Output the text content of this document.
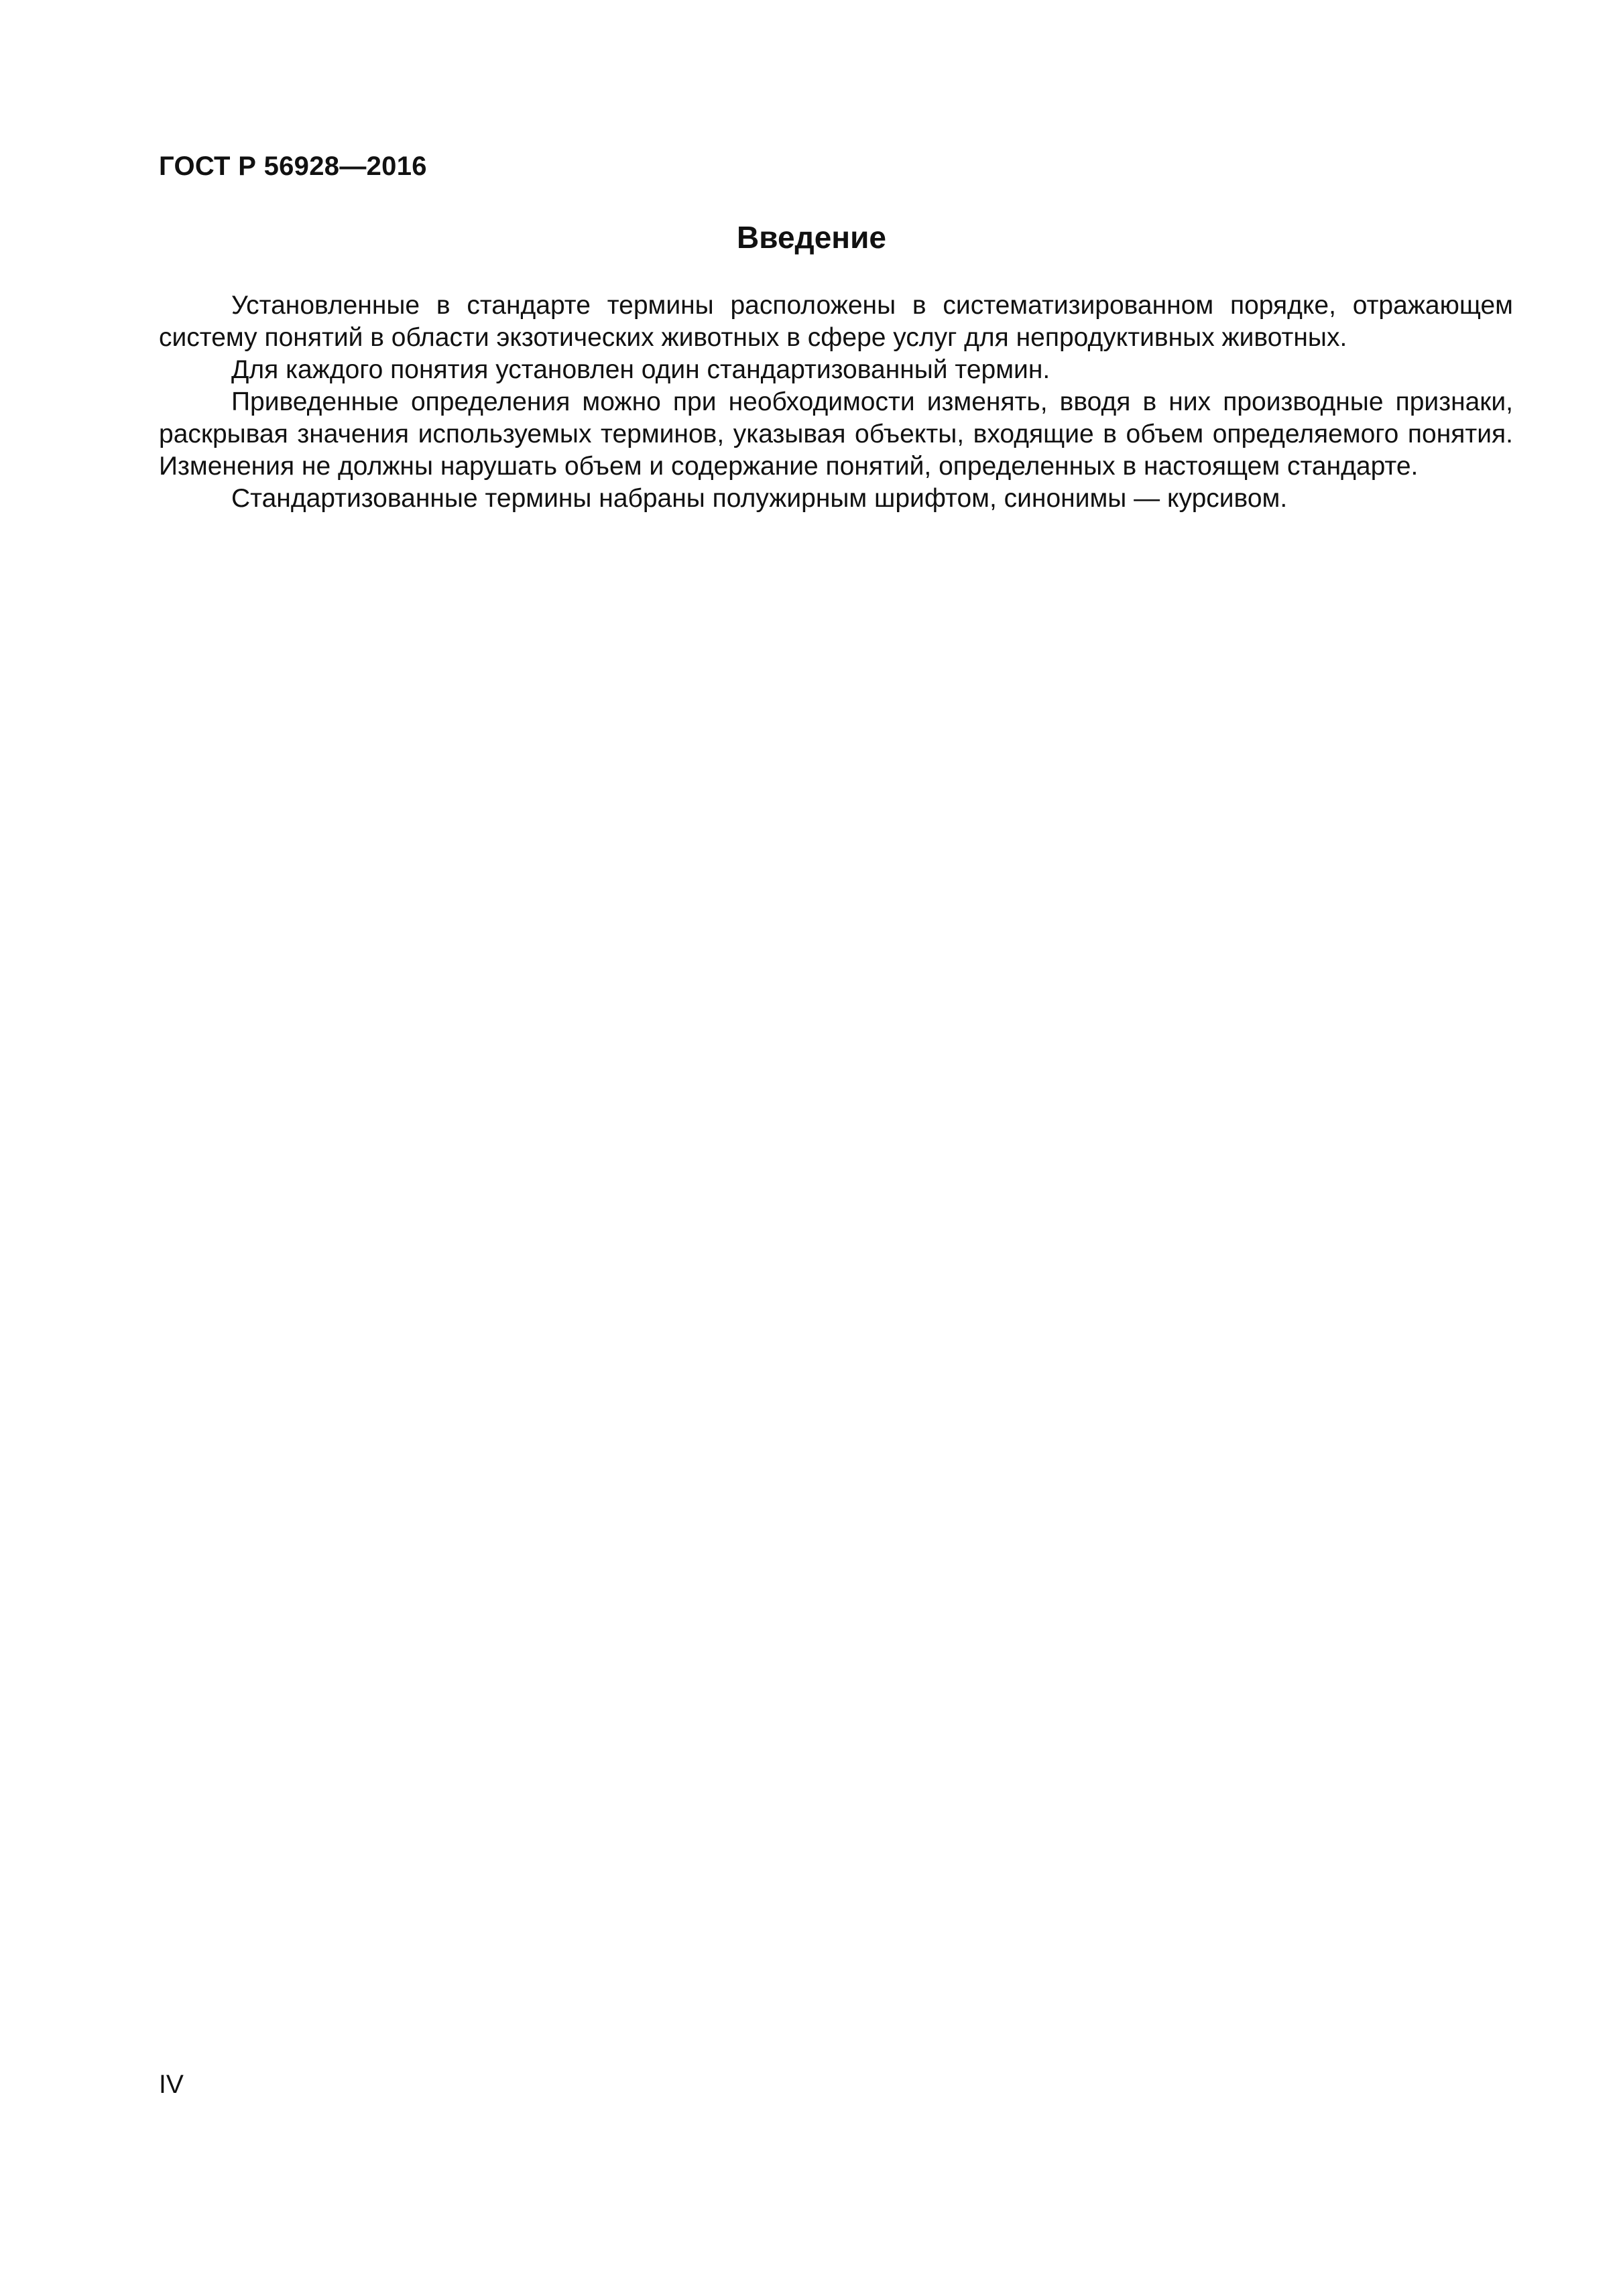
ГОСТ Р 56928—2016
Введение

Установленные в стандарте термины расположены в систематизированном порядке, отражающем систему понятий в области экзотических животных в сфере услуг для непродуктивных животных.

Для каждого понятия установлен один стандартизованный термин.

Приведенные определения можно при необходимости изменять, вводя в них производные признаки, раскрывая значения используемых терминов, указывая объекты, входящие в объем определяемого понятия. Изменения не должны нарушать объем и содержание понятий, определенных в настоящем стандарте.

Стандартизованные термины набраны полужирным шрифтом, синонимы — курсивом.

IV
